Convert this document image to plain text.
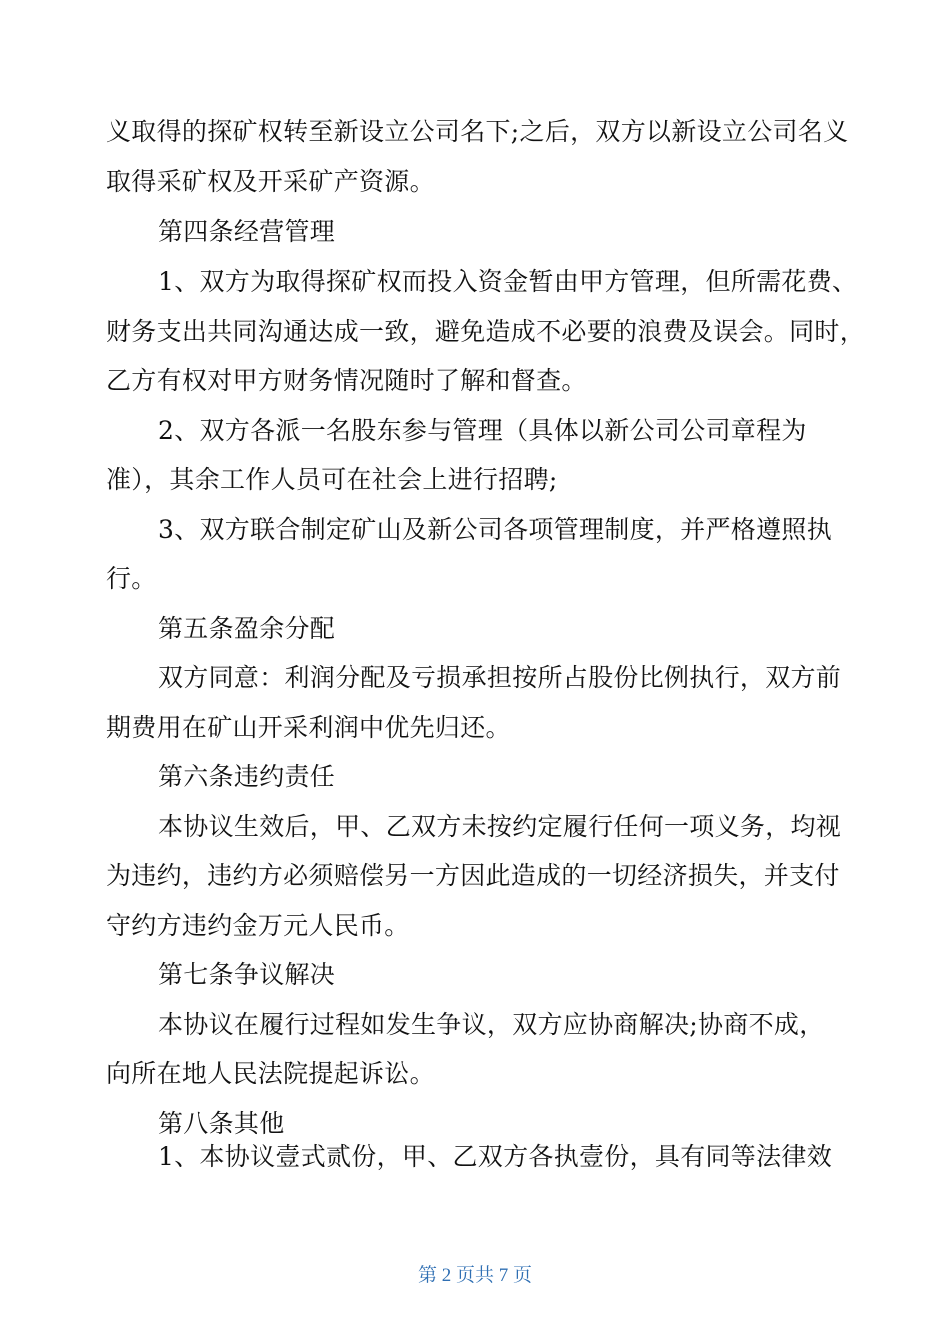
义取得的探矿权转至新设立公司名下;之后，双方以新设立公司名义
取得采矿权及开采矿产资源。
第四条经营管理
1、双方为取得探矿权而投入资金暂由甲方管理，但所需花费、
财务支出共同沟通达成一致，避免造成不必要的浪费及误会。同时，
乙方有权对甲方财务情况随时了解和督查。
2、双方各派一名股东参与管理（具体以新公司公司章程为
准），其余工作人员可在社会上进行招聘;
3、双方联合制定矿山及新公司各项管理制度，并严格遵照执
行。
第五条盈余分配
双方同意：利润分配及亏损承担按所占股份比例执行，双方前
期费用在矿山开采利润中优先归还。
第六条违约责任
本协议生效后，甲、乙双方未按约定履行任何一项义务，均视
为违约，违约方必须赔偿另一方因此造成的一切经济损失，并支付
守约方违约金万元人民币。
第七条争议解决
本协议在履行过程如发生争议，双方应协商解决;协商不成，
向所在地人民法院提起诉讼。
第八条其他
1、本协议壹式贰份，甲、乙双方各执壹份，具有同等法律效
第 2 页共 7 页
